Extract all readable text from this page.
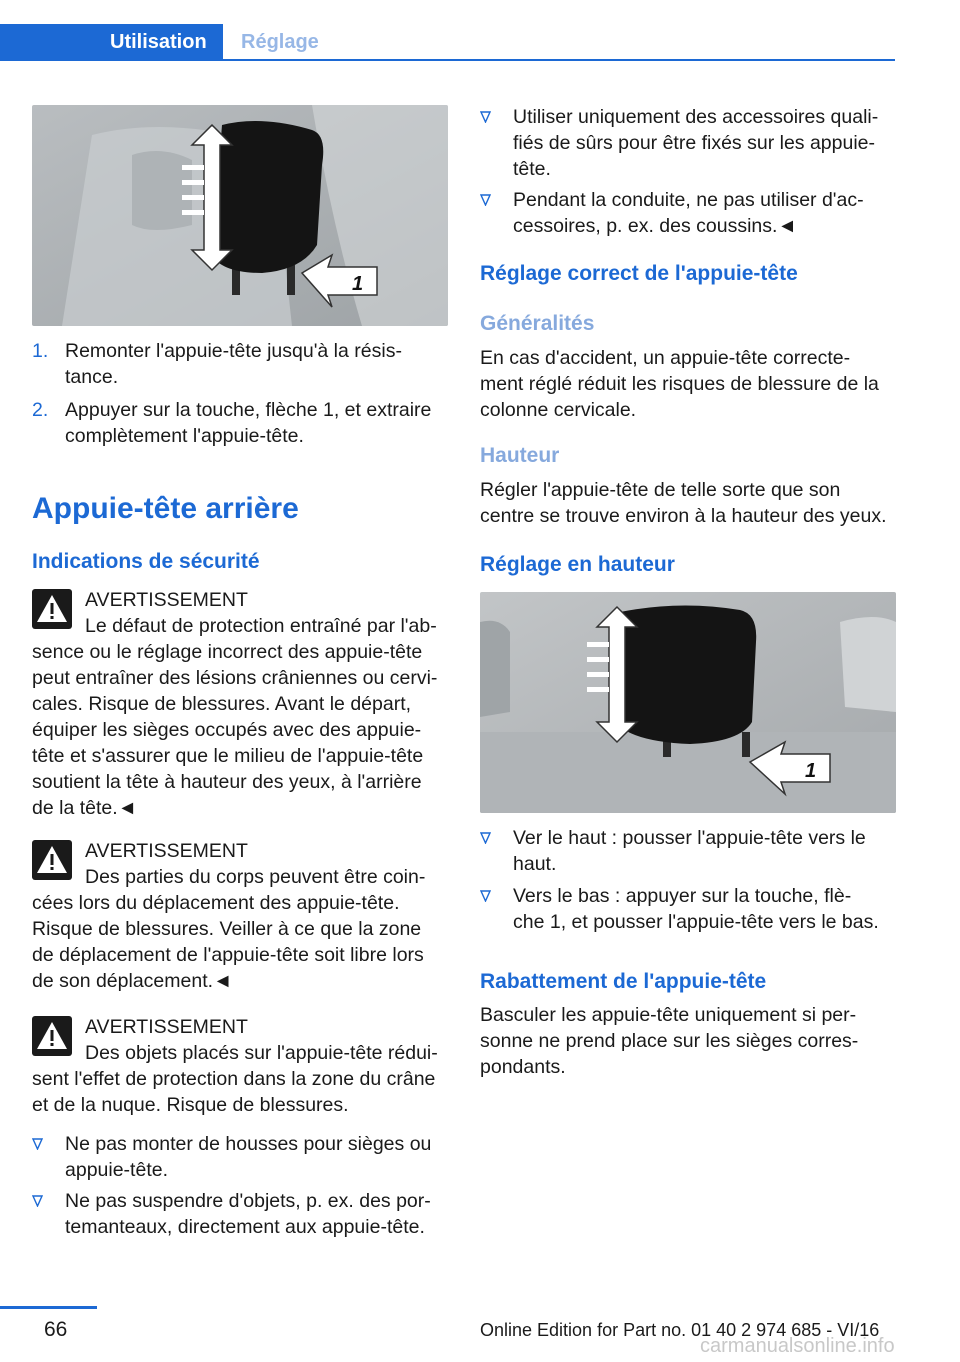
Utilisation	Réglage
1
1. Remonter l'appuie-tête jusqu'à la résis-
tance.
2. Appuyer sur la touche, flèche 1, et extraire
complètement l'appuie-tête.
Appuie-tête arrière
Indications de sécurité
AVERTISSEMENT
Le défaut de protection entraîné par l'ab-
sence ou le réglage incorrect des appuie-tête
peut entraîner des lésions crâniennes ou cervi-
cales. Risque de blessures. Avant le départ,
équiper les sièges occupés avec des appuie-
tête et s'assurer que le milieu de l'appuie-tête
soutient la tête à hauteur des yeux, à l'arrière
de la tête.◄
AVERTISSEMENT
Des parties du corps peuvent être coin-
cées lors du déplacement des appuie-tête.
Risque de blessures. Veiller à ce que la zone
de déplacement de l'appuie-tête soit libre lors
de son déplacement.◄
AVERTISSEMENT
Des objets placés sur l'appuie-tête rédui-
sent l'effet de protection dans la zone du crâne
et de la nuque. Risque de blessures.
Ne pas monter de housses pour sièges ou
appuie-tête.
Ne pas suspendre d'objets, p. ex. des por-
temanteaux, directement aux appuie-tête.
Utiliser uniquement des accessoires quali-
fiés de sûrs pour être fixés sur les appuie-
tête.
Pendant la conduite, ne pas utiliser d'ac-
cessoires, p. ex. des coussins.◄
Réglage correct de l'appuie-tête
Généralités
En cas d'accident, un appuie-tête correcte-
ment réglé réduit les risques de blessure de la
colonne cervicale.
Hauteur
Régler l'appuie-tête de telle sorte que son
centre se trouve environ à la hauteur des yeux.
Réglage en hauteur
1
Ver le haut : pousser l'appuie-tête vers le
haut.
Vers le bas : appuyer sur la touche, flè-
che 1, et pousser l'appuie-tête vers le bas.
Rabattement de l'appuie-tête
Basculer les appuie-tête uniquement si per-
sonne ne prend place sur les sièges corres-
pondants.
66	Online Edition for Part no. 01 40 2 974 685 - VI/16
carmanualsonline.info
